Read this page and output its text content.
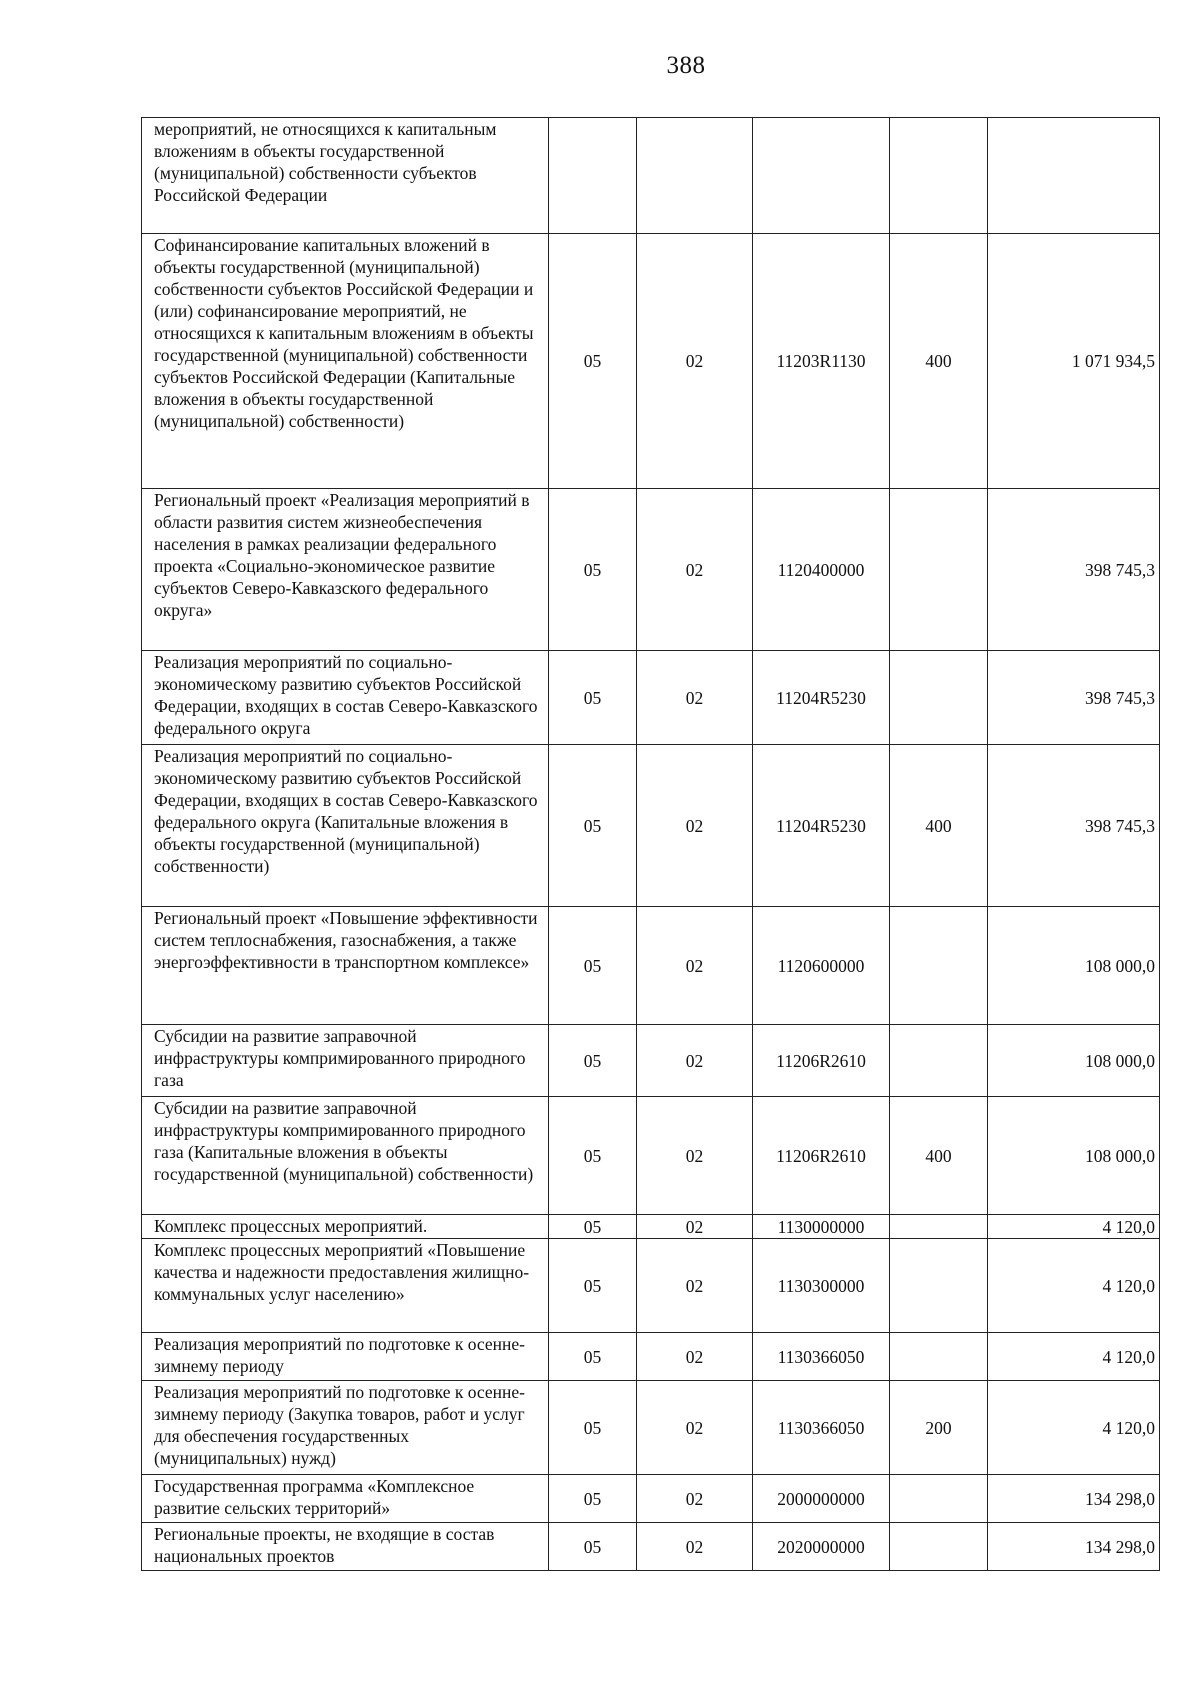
388
мероприятий, не относящихся к капитальным вложениям в объекты государственной (муниципальной) собственности субъектов Российской Федерации					
Софинансирование капитальных вложений в объекты государственной (муниципальной) собственности субъектов Российской Федерации и (или) софинансирование мероприятий, не относящихся к капитальным вложениям в объекты государственной (муниципальной) собственности субъектов Российской Федерации (Капитальные вложения в объекты государственной (муниципальной) собственности)	05	02	11203R1130	400	1 071 934,5
Региональный проект «Реализация мероприятий в области развития систем жизнеобеспечения населения в рамках реализации федерального проекта «Социально-экономическое развитие субъектов Северо-Кавказского федерального округа»	05	02	1120400000		398 745,3
Реализация мероприятий по социально-экономическому развитию субъектов Российской Федерации, входящих в состав Северо-Кавказского федерального округа	05	02	11204R5230		398 745,3
Реализация мероприятий по социально-экономическому развитию субъектов Российской Федерации, входящих в состав Северо-Кавказского федерального округа (Капитальные вложения в объекты государственной (муниципальной) собственности)	05	02	11204R5230	400	398 745,3
Региональный проект «Повышение эффективности систем теплоснабжения, газоснабжения, а также энергоэффективности в транспортном комплексе»	05	02	1120600000		108 000,0
Субсидии на развитие заправочной инфраструктуры компримированного природного газа	05	02	11206R2610		108 000,0
Субсидии на развитие заправочной инфраструктуры компримированного природного газа (Капитальные вложения в объекты государственной (муниципальной) собственности)	05	02	11206R2610	400	108 000,0
Комплекс процессных мероприятий.	05	02	1130000000		4 120,0
Комплекс процессных мероприятий «Повышение качества и надежности предоставления жилищно-коммунальных услуг населению»	05	02	1130300000		4 120,0
Реализация мероприятий по подготовке к осенне-зимнему периоду	05	02	1130366050		4 120,0
Реализация мероприятий по подготовке к осенне-зимнему периоду (Закупка товаров, работ и услуг для обеспечения государственных (муниципальных) нужд)	05	02	1130366050	200	4 120,0
Государственная программа «Комплексное развитие сельских территорий»	05	02	2000000000		134 298,0
Региональные проекты, не входящие в состав национальных проектов	05	02	2020000000		134 298,0
